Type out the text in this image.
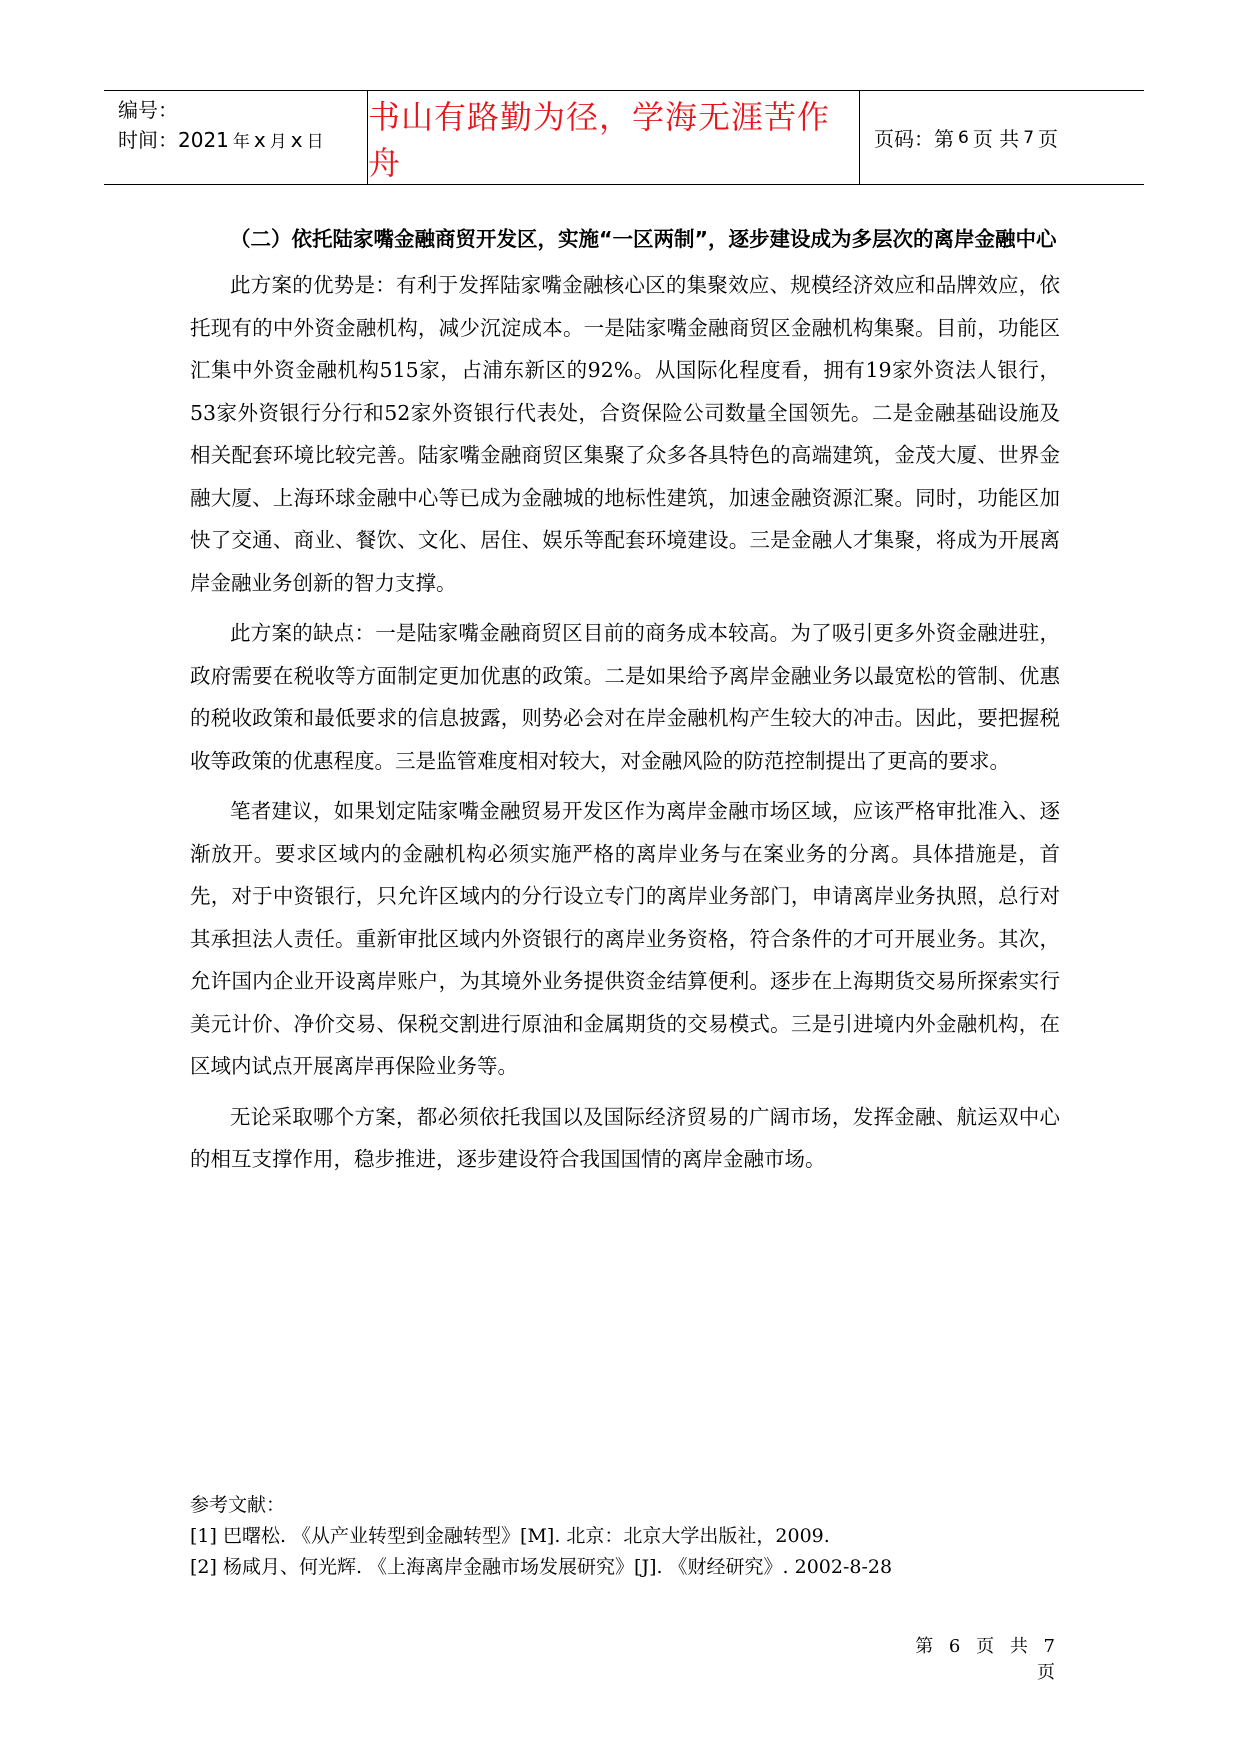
编号：
时间：2021 年 x 月 x 日
书山有路勤为径，学海无涯苦作舟
页码：第 6 页 共 7 页

（二）依托陆家嘴金融商贸开发区，实施“一区两制”，逐步建设成为多层次的离岸金融中心

此方案的优势是：有利于发挥陆家嘴金融核心区的集聚效应、规模经济效应和品牌效应，依托现有的中外资金融机构，减少沉淀成本。一是陆家嘴金融商贸区金融机构集聚。目前，功能区汇集中外资金融机构515家，占浦东新区的92%。从国际化程度看，拥有19家外资法人银行，53家外资银行分行和52家外资银行代表处，合资保险公司数量全国领先。二是金融基础设施及相关配套环境比较完善。陆家嘴金融商贸区集聚了众多各具特色的高端建筑，金茂大厦、世界金融大厦、上海环球金融中心等已成为金融城的地标性建筑，加速金融资源汇聚。同时，功能区加快了交通、商业、餐饮、文化、居住、娱乐等配套环境建设。三是金融人才集聚，将成为开展离岸金融业务创新的智力支撑。

此方案的缺点：一是陆家嘴金融商贸区目前的商务成本较高。为了吸引更多外资金融进驻，政府需要在税收等方面制定更加优惠的政策。二是如果给予离岸金融业务以最宽松的管制、优惠的税收政策和最低要求的信息披露，则势必会对在岸金融机构产生较大的冲击。因此，要把握税收等政策的优惠程度。三是监管难度相对较大，对金融风险的防范控制提出了更高的要求。

笔者建议，如果划定陆家嘴金融贸易开发区作为离岸金融市场区域，应该严格审批准入、逐渐放开。要求区域内的金融机构必须实施严格的离岸业务与在案业务的分离。具体措施是，首先，对于中资银行，只允许区域内的分行设立专门的离岸业务部门，申请离岸业务执照，总行对其承担法人责任。重新审批区域内外资银行的离岸业务资格，符合条件的才可开展业务。其次，允许国内企业开设离岸账户，为其境外业务提供资金结算便利。逐步在上海期货交易所探索实行美元计价、净价交易、保税交割进行原油和金属期货的交易模式。三是引进境内外金融机构，在区域内试点开展离岸再保险业务等。

无论采取哪个方案，都必须依托我国以及国际经济贸易的广阔市场，发挥金融、航运双中心的相互支撑作用，稳步推进，逐步建设符合我国国情的离岸金融市场。

参考文献：
[1] 巴曙松. 《从产业转型到金融转型》[M]. 北京：北京大学出版社，2009.
[2] 杨咸月、何光辉. 《上海离岸金融市场发展研究》[J]. 《财经研究》. 2002-8-28
第 6 页 共 7 页
